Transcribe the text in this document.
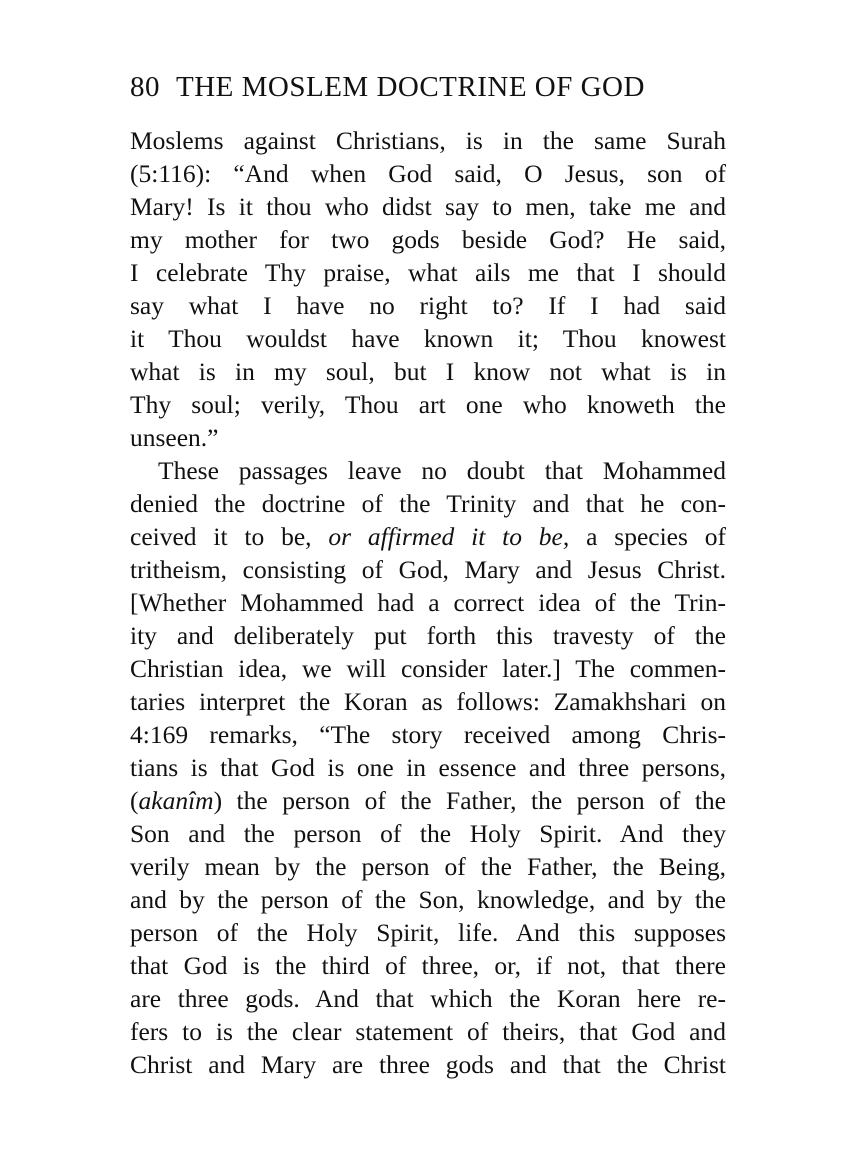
80 THE MOSLEM DOCTRINE OF GOD
Moslems against Christians, is in the same Surah
(5:116): “And when God said, O Jesus, son of
Mary! Is it thou who didst say to men, take me and
my mother for two gods beside God? He said,
I celebrate Thy praise, what ails me that I should
say what I have no right to? If I had said
it Thou wouldst have known it; Thou knowest
what is in my soul, but I know not what is in
Thy soul; verily, Thou art one who knoweth the
unseen.”
These passages leave no doubt that Mohammed
denied the doctrine of the Trinity and that he con-
ceived it to be, or affirmed it to be, a species of
tritheism, consisting of God, Mary and Jesus Christ.
[Whether Mohammed had a correct idea of the Trin-
ity and deliberately put forth this travesty of the
Christian idea, we will consider later.] The commen-
taries interpret the Koran as follows: Zamakhshari on
4:169 remarks, “The story received among Chris-
tians is that God is one in essence and three persons,
(akanîm) the person of the Father, the person of the
Son and the person of the Holy Spirit. And they
verily mean by the person of the Father, the Being,
and by the person of the Son, knowledge, and by the
person of the Holy Spirit, life. And this supposes
that God is the third of three, or, if not, that there
are three gods. And that which the Koran here re-
fers to is the clear statement of theirs, that God and
Christ and Mary are three gods and that the Christ
